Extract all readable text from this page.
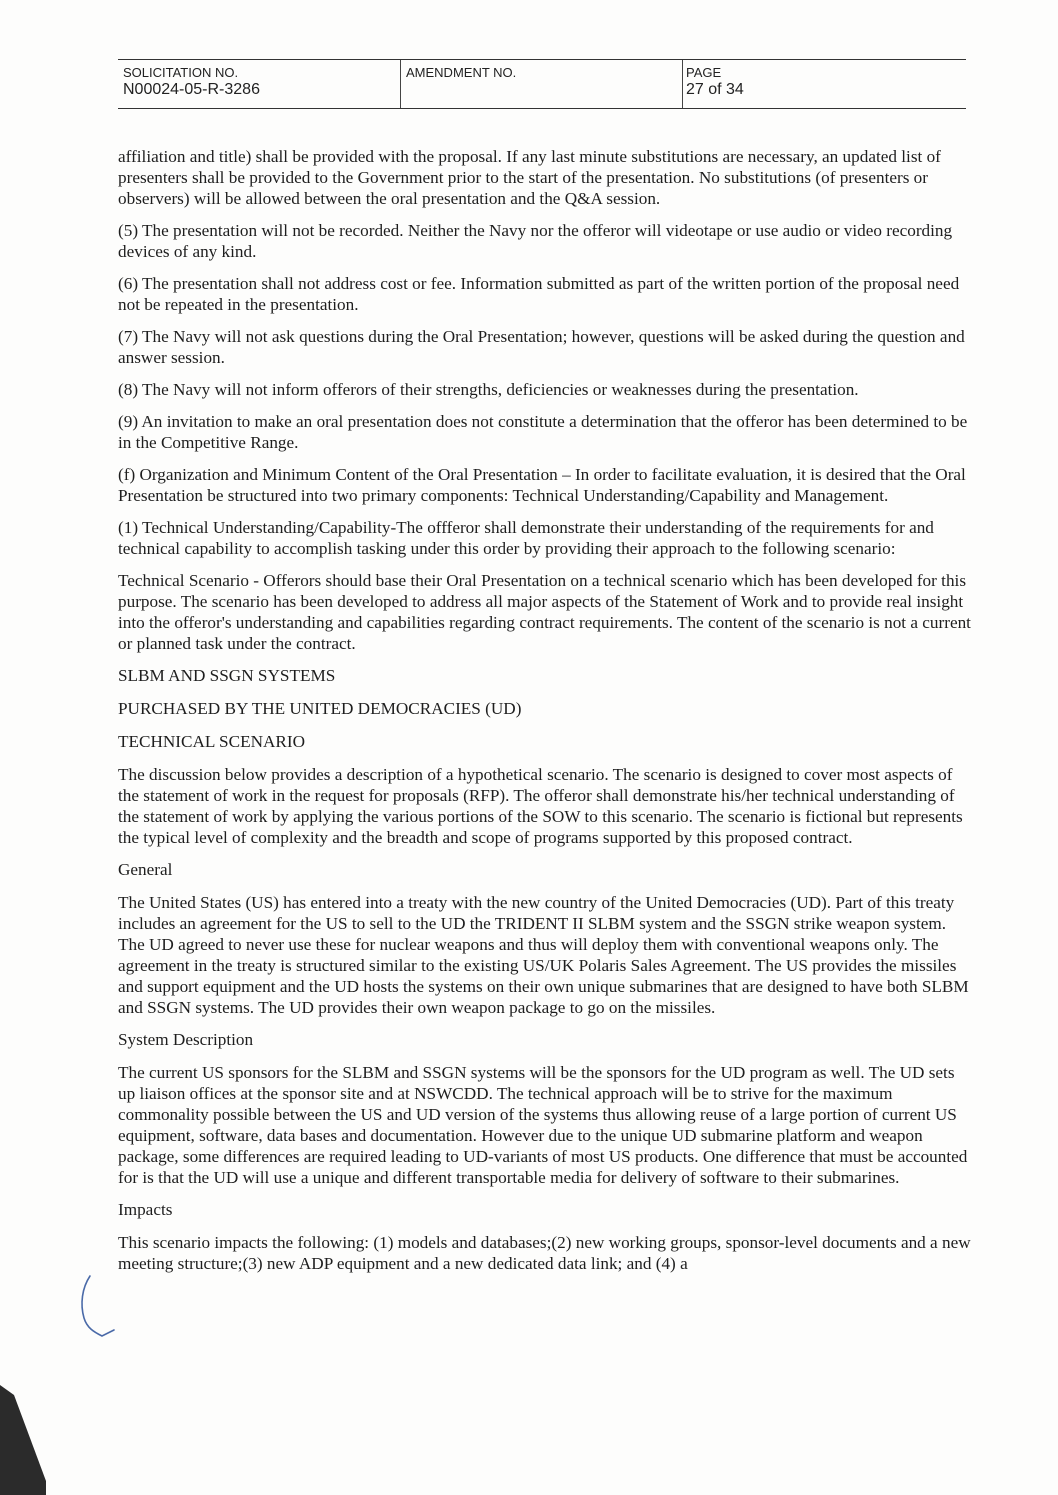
SOLICITATION NO.
N00024-05-R-3286
AMENDMENT NO.	PAGE
27 of 34

affiliation and title) shall be provided with the proposal. If any last minute substitutions are necessary, an updated list of presenters shall be provided to the Government prior to the start of the presentation. No substitutions (of presenters or observers) will be allowed between the oral presentation and the Q&A session.

(5) The presentation will not be recorded. Neither the Navy nor the offeror will videotape or use audio or video recording devices of any kind.

(6) The presentation shall not address cost or fee. Information submitted as part of the written portion of the proposal need not be repeated in the presentation.

(7) The Navy will not ask questions during the Oral Presentation; however, questions will be asked during the question and answer session.

(8) The Navy will not inform offerors of their strengths, deficiencies or weaknesses during the presentation.

(9) An invitation to make an oral presentation does not constitute a determination that the offeror has been determined to be in the Competitive Range.

(f) Organization and Minimum Content of the Oral Presentation – In order to facilitate evaluation, it is desired that the Oral Presentation be structured into two primary components: Technical Understanding/Capability and Management.

(1) Technical Understanding/Capability-The offferor shall demonstrate their understanding of the requirements for and technical capability to accomplish tasking under this order by providing their approach to the following scenario:

Technical Scenario - Offerors should base their Oral Presentation on a technical scenario which has been developed for this purpose. The scenario has been developed to address all major aspects of the Statement of Work and to provide real insight into the offeror's understanding and capabilities regarding contract requirements. The content of the scenario is not a current or planned task under the contract.

SLBM AND SSGN SYSTEMS

PURCHASED BY THE UNITED DEMOCRACIES (UD)

TECHNICAL SCENARIO

The discussion below provides a description of a hypothetical scenario. The scenario is designed to cover most aspects of the statement of work in the request for proposals (RFP). The offeror shall demonstrate his/her technical understanding of the statement of work by applying the various portions of the SOW to this scenario. The scenario is fictional but represents the typical level of complexity and the breadth and scope of programs supported by this proposed contract.

General

The United States (US) has entered into a treaty with the new country of the United Democracies (UD). Part of this treaty includes an agreement for the US to sell to the UD the TRIDENT II SLBM system and the SSGN strike weapon system. The UD agreed to never use these for nuclear weapons and thus will deploy them with conventional weapons only. The agreement in the treaty is structured similar to the existing US/UK Polaris Sales Agreement. The US provides the missiles and support equipment and the UD hosts the systems on their own unique submarines that are designed to have both SLBM and SSGN systems. The UD provides their own weapon package to go on the missiles.

System Description

The current US sponsors for the SLBM and SSGN systems will be the sponsors for the UD program as well. The UD sets up liaison offices at the sponsor site and at NSWCDD. The technical approach will be to strive for the maximum commonality possible between the US and UD version of the systems thus allowing reuse of a large portion of current US equipment, software, data bases and documentation. However due to the unique UD submarine platform and weapon package, some differences are required leading to UD-variants of most US products. One difference that must be accounted for is that the UD will use a unique and different transportable media for delivery of software to their submarines.

Impacts

This scenario impacts the following: (1) models and databases;(2) new working groups, sponsor-level documents and a new meeting structure;(3) new ADP equipment and a new dedicated data link; and (4) a
